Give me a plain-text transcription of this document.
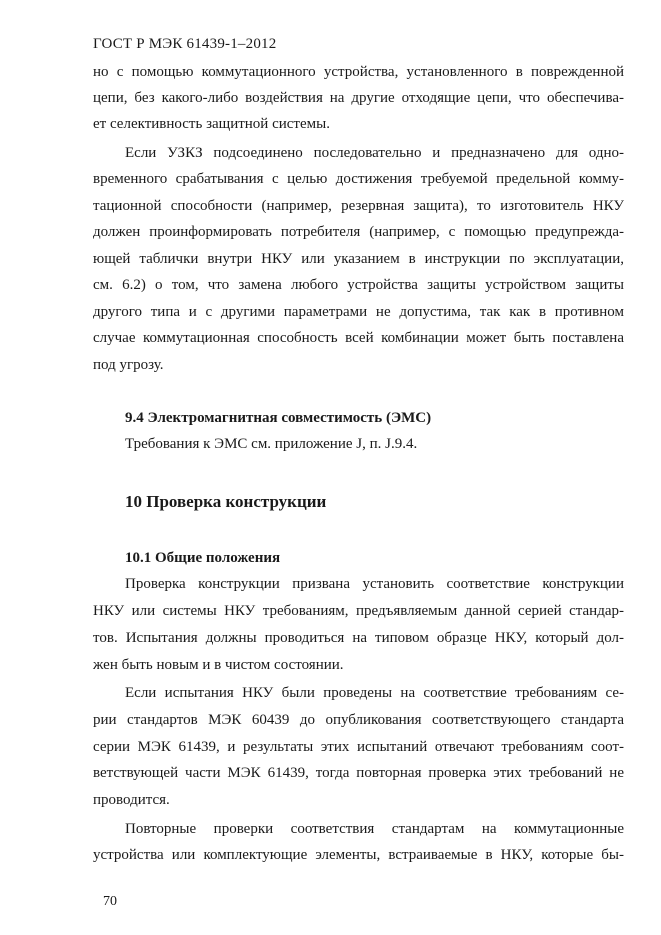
ГОСТ Р МЭК 61439-1–2012
но с помощью коммутационного устройства, установленного в поврежденной
цепи, без какого-либо воздействия на другие отходящие цепи, что обеспечива-
ет селективность защитной системы.
Если УЗКЗ подсоединено последовательно и предназначено для одно-
временного срабатывания с целью достижения требуемой предельной комму-
тационной способности (например, резервная защита), то изготовитель НКУ
должен проинформировать потребителя (например, с помощью предупрежда-
ющей таблички внутри НКУ или указанием в инструкции по эксплуатации,
см. 6.2) о том, что замена любого устройства защиты устройством защиты
другого типа и с другими параметрами не допустима, так как в противном
случае коммутационная способность всей комбинации может быть поставлена
под угрозу.
9.4 Электромагнитная совместимость (ЭМС)
Требования к ЭМС см. приложение J, п. J.9.4.
10 Проверка конструкции
10.1 Общие положения
Проверка конструкции призвана установить соответствие конструкции
НКУ или системы НКУ требованиям, предъявляемым данной серией стандар-
тов. Испытания должны проводиться на типовом образце НКУ, который дол-
жен быть новым и в чистом состоянии.
Если испытания НКУ были проведены на соответствие требованиям се-
рии стандартов МЭК 60439 до опубликования соответствующего стандарта
серии МЭК 61439, и результаты этих испытаний отвечают требованиям соот-
ветствующей части МЭК 61439, тогда повторная проверка этих требований не
проводится.
Повторные проверки соответствия стандартам на коммутационные
устройства или комплектующие элементы, встраиваемые в НКУ, которые бы-
70
